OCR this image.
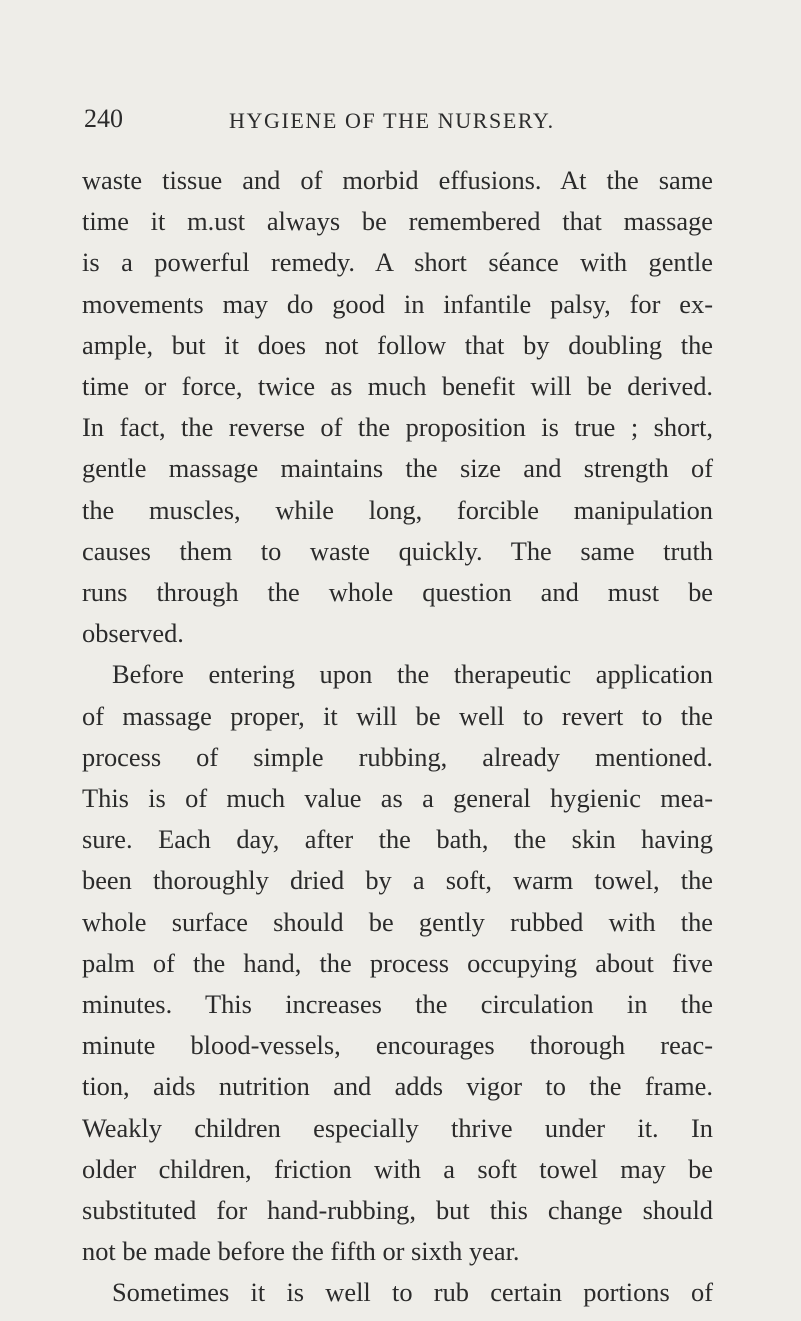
240	HYGIENE OF THE NURSERY.
waste tissue and of morbid effusions. At the same
time it m.ust always be remembered that massage
is a powerful remedy. A short séance with gentle
movements may do good in infantile palsy, for ex-
ample, but it does not follow that by doubling the
time or force, twice as much benefit will be derived.
In fact, the reverse of the proposition is true ; short,
gentle massage maintains the size and strength of
the muscles, while long, forcible manipulation
causes them to waste quickly. The same truth
runs through the whole question and must be
observed.
Before entering upon the therapeutic application
of massage proper, it will be well to revert to the
process of simple rubbing, already mentioned.
This is of much value as a general hygienic mea-
sure. Each day, after the bath, the skin having
been thoroughly dried by a soft, warm towel, the
whole surface should be gently rubbed with the
palm of the hand, the process occupying about five
minutes. This increases the circulation in the
minute blood-vessels, encourages thorough reac-
tion, aids nutrition and adds vigor to the frame.
Weakly children especially thrive under it. In
older children, friction with a soft towel may be
substituted for hand-rubbing, but this change should
not be made before the fifth or sixth year.
Sometimes it is well to rub certain portions of
